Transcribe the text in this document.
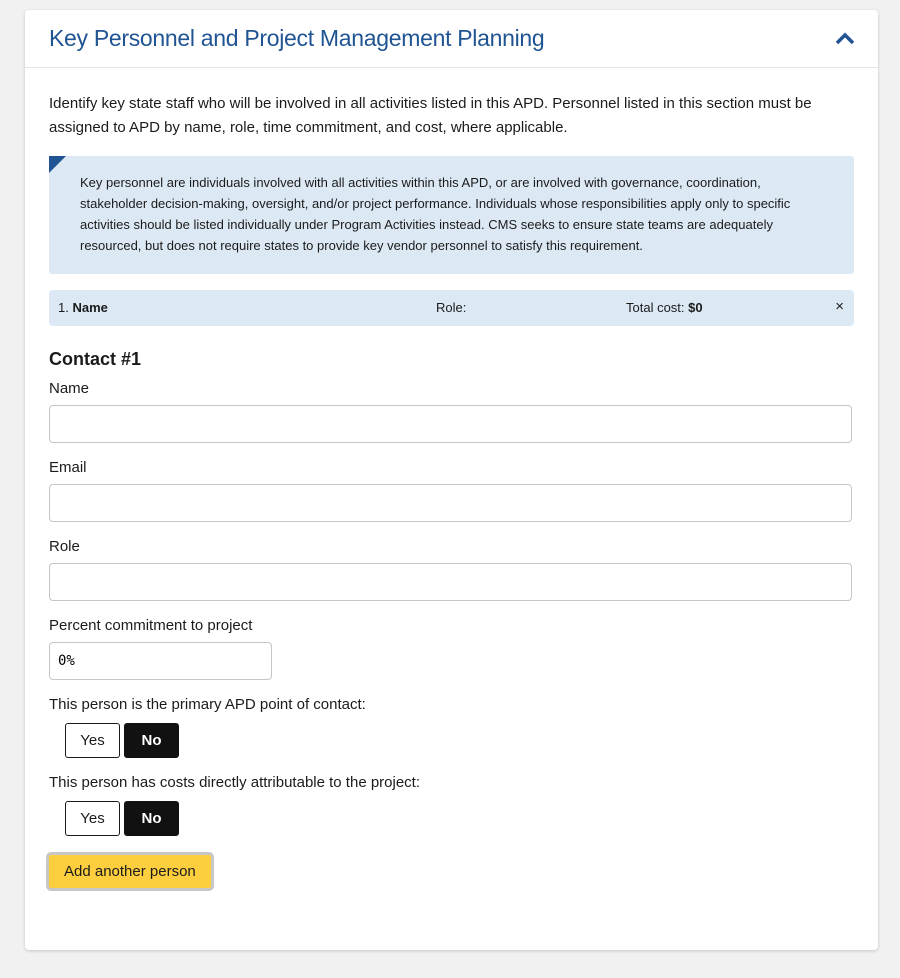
Key Personnel and Project Management Planning

Identify key state staff who will be involved in all activities listed in this APD. Personnel listed in this section must be assigned to APD by name, role, time commitment, and cost, where applicable.

Key personnel are individuals involved with all activities within this APD, or are involved with governance, coordination, stakeholder decision-making, oversight, and/or project performance. Individuals whose responsibilities apply only to specific activities should be listed individually under Program Activities instead. CMS seeks to ensure state teams are adequately resourced, but does not require states to provide key vendor personnel to satisfy this requirement.
1. Name	Role:	Total cost: $0	×
Contact #1
Name
Email
Role
Percent commitment to project
0%
This person is the primary APD point of contact:
Yes	No
This person has costs directly attributable to the project:
Yes	No
Add another person
